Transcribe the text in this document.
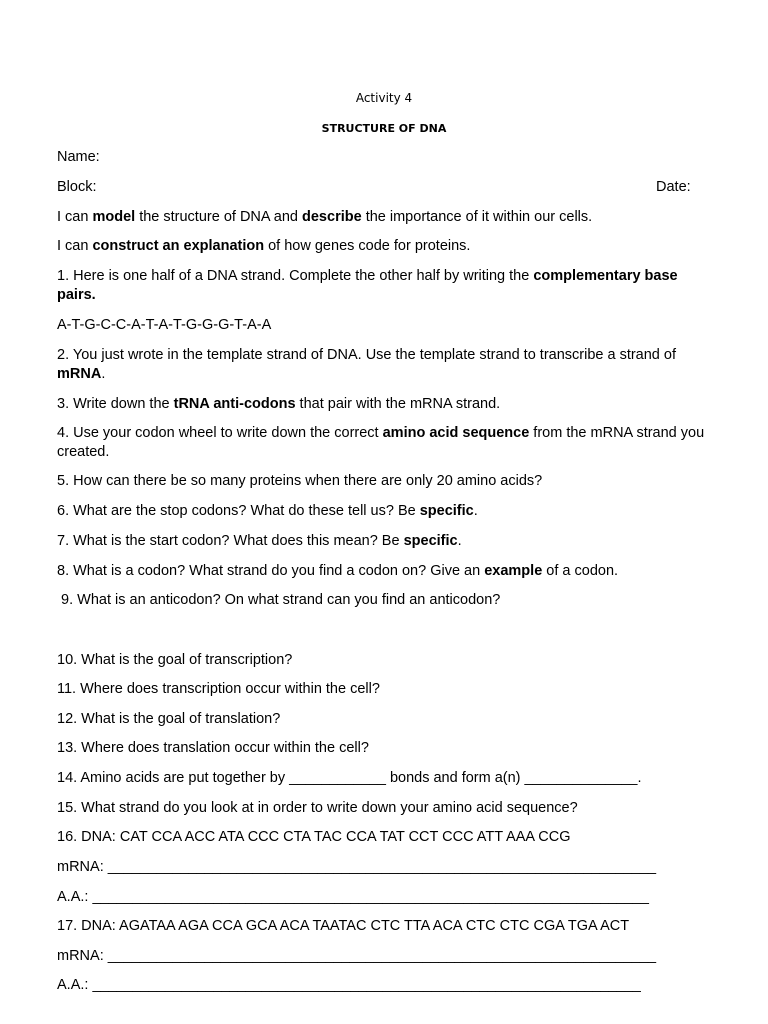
Activity 4
STRUCTURE OF DNA
Name:
Block:	Date:
I can model the structure of DNA and describe the importance of it within our cells.
I can construct an explanation of how genes code for proteins.
1. Here is one half of a DNA strand. Complete the other half by writing the complementary base pairs.
A-T-G-C-C-A-T-A-T-G-G-G-T-A-A
2. You just wrote in the template strand of DNA. Use the template strand to transcribe a strand of mRNA.
3. Write down the tRNA anti-codons that pair with the mRNA strand.
4. Use your codon wheel to write down the correct amino acid sequence from the mRNA strand you created.
5. How can there be so many proteins when there are only 20 amino acids?
6. What are the stop codons? What do these tell us? Be specific.
7. What is the start codon? What does this mean? Be specific.
8. What is a codon? What strand do you find a codon on? Give an example of a codon.
9. What is an anticodon? On what strand can you find an anticodon?
10. What is the goal of transcription?
11. Where does transcription occur within the cell?
12. What is the goal of translation?
13. Where does translation occur within the cell?
14. Amino acids are put together by ____________ bonds and form a(n) ______________.
15. What strand do you look at in order to write down your amino acid sequence?
16. DNA: CAT CCA ACC ATA CCC CTA TAC CCA TAT CCT CCC ATT AAA CCG
mRNA: ____________________________________________________________________
A.A.: _____________________________________________________________________
17. DNA: AGATAA AGA CCA GCA ACA TAATAC CTC TTA ACA CTC CTC CGA TGA ACT
mRNA: ____________________________________________________________________
A.A.: ____________________________________________________________________
